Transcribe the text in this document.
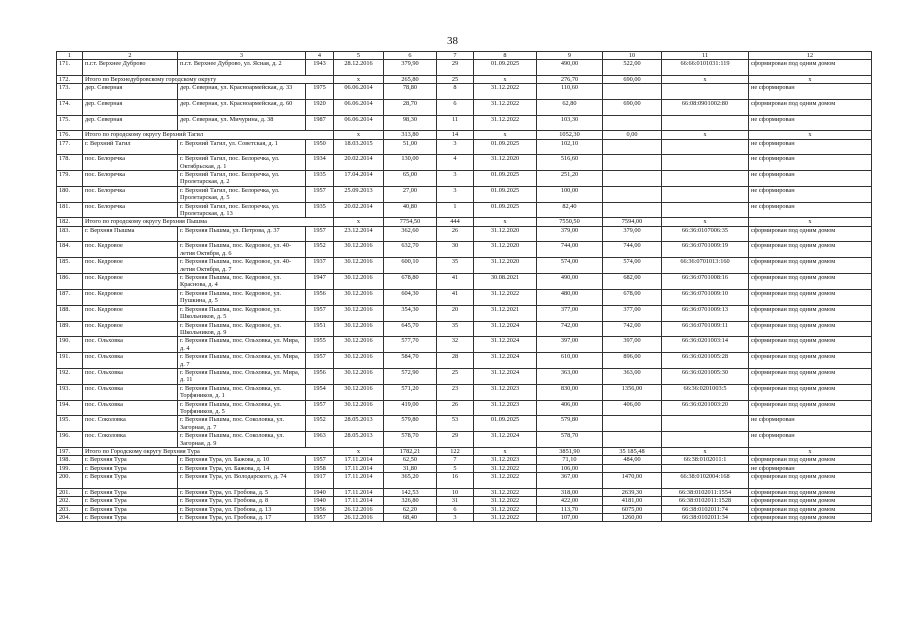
38
1	2	3	4	5	6	7	8	9	10	11	12
171.	п.г.т. Верхнее Дуброво	п.г.т. Верхнее Дуброво, ул. Ясная, д. 2	1943	28.12.2016	379,90	29	01.09.2025	490,00	522,00	66:66:0101031:119	сформирован под одним домом
172.	Итого по Верхнедубровскому городскому округу			x	265,80	25	x	276,70	690,00	x	x
173.	дер. Северная	дер. Северная, ул. Красноармейская, д. 33	1975	06.06.2014	78,80	8	31.12.2022	110,60			не сформирован
174.	дер. Северная	дер. Северная, ул. Красноармейская, д. 60	1920	06.06.2014	28,70	6	31.12.2022	62,80	690,00	66:08:0901002:80	сформирован под одним домом
175.	дер. Северная	дер. Северная, ул. Мичурина, д. 38	1987	06.06.2014	98,30	11	31.12.2022	103,30			не сформирован
176.	Итого по городскому округу Верхний Тагил			x	313,80	14	x	1052,30	0,00	x	x
177.	г. Верхний Тагил	г. Верхний Тагил, ул. Советская, д. 1	1950	18.03.2015	51,00	3	01.09.2025	102,10			не сформирован
178.	пос. Белоречка	г. Верхний Тагил, пос. Белоречка, ул. Октябрьская, д. 1	1934	20.02.2014	130,00	4	31.12.2020	516,60			не сформирован
179.	пос. Белоречка	г. Верхний Тагил, пос. Белоречка, ул. Пролетарская, д. 2	1935	17.04.2014	65,00	3	01.09.2025	251,20			не сформирован
180.	пос. Белоречка	г. Верхний Тагил, пос. Белоречка, ул. Пролетарская, д. 5	1957	25.09.2013	27,00	3	01.09.2025	100,00			не сформирован
181.	пос. Белоречка	г. Верхний Тагил, пос. Белоречка, ул. Пролетарская, д. 13	1935	20.02.2014	40,80	1	01.09.2025	82,40			не сформирован
182.	Итого по городскому округу Верхняя Пышма			x	7754,50	444	x	7550,50	7594,00	x	x
183.	г. Верхняя Пышма	г. Верхняя Пышма, ул. Петрова, д. 37	1957	23.12.2014	362,60	26	31.12.2020	379,00	379,00	66:36:0107006:35	сформирован под одним домом
184.	пос. Кедровое	г. Верхняя Пышма, пос. Кедровое, ул. 40-летия Октября, д. 6	1952	30.12.2016	632,70	30	31.12.2020	744,00	744,00	66:36:0701009:19	сформирован под одним домом
185.	пос. Кедровое	г. Верхняя Пышма, пос. Кедровое, ул. 40-летия Октября, д. 7	1937	30.12.2016	600,10	35	31.12.2020	574,00	574,00	66:36:0701013:160	сформирован под одним домом
186.	пос. Кедровое	г. Верхняя Пышма, пос. Кедровое, ул. Краснова, д. 4	1947	30.12.2016	678,80	41	30.08.2021	490,00	682,00	66:36:0701008:16	сформирован под одним домом
187.	пос. Кедровое	г. Верхняя Пышма, пос. Кедровое, ул. Пушкина, д. 5	1956	30.12.2016	604,30	41	31.12.2022	480,00	678,00	66:36:0701009:10	сформирован под одним домом
188.	пос. Кедровое	г. Верхняя Пышма, пос. Кедровое, ул. Школьников, д. 5	1957	30.12.2016	354,30	20	31.12.2021	377,00	377,00	66:36:0701009:13	сформирован под одним домом
189.	пос. Кедровое	г. Верхняя Пышма, пос. Кедровое, ул. Школьников, д. 9	1951	30.12.2016	645,70	35	31.12.2024	742,00	742,00	66:36:0701009:11	сформирован под одним домом
190.	пос. Ольховка	г. Верхняя Пышма, пос. Ольховка, ул. Мира, д. 4	1955	30.12.2016	577,70	32	31.12.2024	397,00	397,00	66:36:0201003:14	сформирован под одним домом
191.	пос. Ольховка	г. Верхняя Пышма, пос. Ольховка, ул. Мира, д. 7	1957	30.12.2016	584,70	28	31.12.2024	610,00	896,00	66:36:0201005:28	сформирован под одним домом
192.	пос. Ольховка	г. Верхняя Пышма, пос. Ольховка, ул. Мира, д. 11	1956	30.12.2016	572,90	25	31.12.2024	363,00	363,00	66:36:0201005:30	сформирован под одним домом
193.	пос. Ольховка	г. Верхняя Пышма, пос. Ольховка, ул. Торфяников, д. 1	1954	30.12.2016	571,20	23	31.12.2023	830,00	1356,00	66:36:0201003:5	сформирован под одним домом
194.	пос. Ольховка	г. Верхняя Пышма, пос. Ольховка, ул. Торфяников, д. 5	1957	30.12.2016	419,00	26	31.12.2023	406,00	406,00	66:36:0201003:20	сформирован под одним домом
195.	пос. Соколовка	г. Верхняя Пышма, пос. Соколовка, ул. Загорная, д. 7	1952	28.05.2013	579,80	53	01.09.2025	579,80			не сформирован
196.	пос. Соколовка	г. Верхняя Пышма, пос. Соколовка, ул. Загорная, д. 9	1963	28.05.2013	578,70	29	31.12.2024	578,70			не сформирован
197.	Итого по Городскому округу Верхняя Тура			x	1782,21	122	x	3851,90	35 185,48	x	x
198.	г. Верхняя Тура	г. Верхняя Тура, ул. Бажова, д. 10	1957	17.11.2014	62,50	7	31.12.2023	71,10	484,00	66:38:0102011:1	сформирован под одним домом
199.	г. Верхняя Тура	г. Верхняя Тура, ул. Бажова, д. 14	1958	17.11.2014	31,80	5	31.12.2022	106,00			не сформирован
200.	г. Верхняя Тура	г. Верхняя Тура, ул. Володарского, д. 74	1917	17.11.2014	365,20	16	31.12.2022	367,00	1470,00	66:38:0102004:168	сформирован под одним домом
201.	г. Верхняя Тура	г. Верхняя Тура, ул. Гробова, д. 5	1940	17.11.2014	142,53	10	31.12.2022	318,00	2639,30	66:38:0102011:1554	сформирован под одним домом
202.	г. Верхняя Тура	г. Верхняя Тура, ул. Гробова, д. 8	1940	17.11.2014	326,80	31	31.12.2022	422,00	4181,00	66:38:0102011:1528	сформирован под одним домом
203.	г. Верхняя Тура	г. Верхняя Тура, ул. Гробова, д. 13	1956	26.12.2016	62,20	6	31.12.2022	113,70	6075,00	66:38:0102011:74	сформирован под одним домом
204.	г. Верхняя Тура	г. Верхняя Тура, ул. Гробова, д. 17	1957	26.12.2016	68,40	3	31.12.2022	107,00	1260,00	66:38:0102011:34	сформирован под одним домом
